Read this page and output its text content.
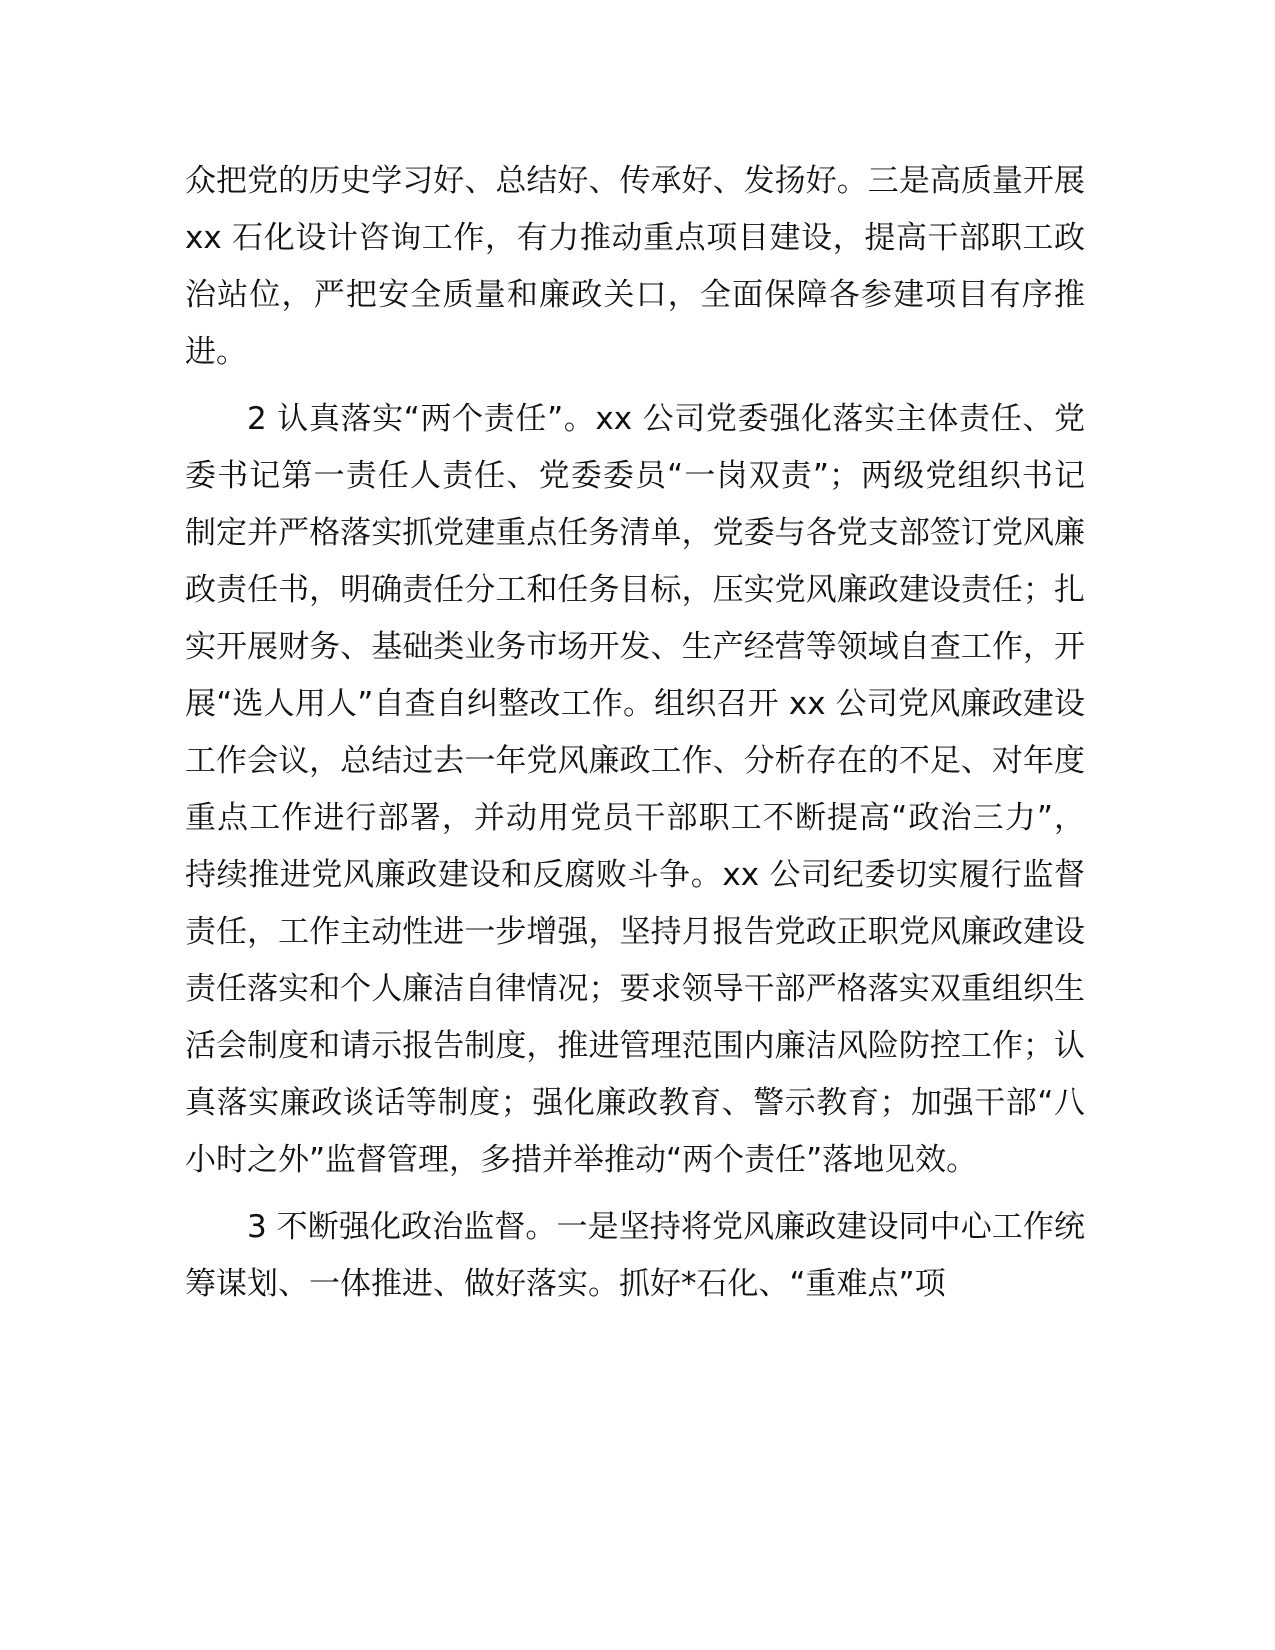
众把党的历史学习好、总结好、传承好、发扬好。三是高质量开展 xx 石化设计咨询工作，有力推动重点项目建设，提高干部职工政治站位，严把安全质量和廉政关口，全面保障各参建项目有序推进。

2 认真落实“两个责任”。xx 公司党委强化落实主体责任、党委书记第一责任人责任、党委委员“一岗双责”；两级党组织书记制定并严格落实抓党建重点任务清单，党委与各党支部签订党风廉政责任书，明确责任分工和任务目标，压实党风廉政建设责任；扎实开展财务、基础类业务市场开发、生产经营等领域自查工作，开展“选人用人”自查自纠整改工作。组织召开 xx 公司党风廉政建设工作会议，总结过去一年党风廉政工作、分析存在的不足、对年度重点工作进行部署，并动用党员干部职工不断提高“政治三力”，持续推进党风廉政建设和反腐败斗争。xx 公司纪委切实履行监督责任，工作主动性进一步增强，坚持月报告党政正职党风廉政建设责任落实和个人廉洁自律情况；要求领导干部严格落实双重组织生活会制度和请示报告制度，推进管理范围内廉洁风险防控工作；认真落实廉政谈话等制度；强化廉政教育、警示教育；加强干部“八小时之外”监督管理，多措并举推动“两个责任”落地见效。

3 不断强化政治监督。一是坚持将党风廉政建设同中心工作统筹谋划、一体推进、做好落实。抓好*石化、“重难点”项
